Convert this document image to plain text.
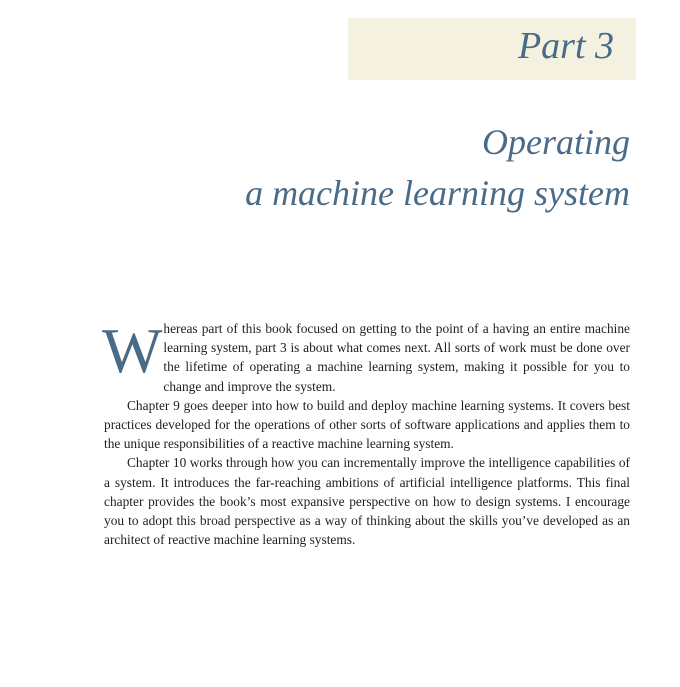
Part 3
Operating
a machine learning system

Whereas part of this book focused on getting to the point of a having an entire machine learning system, part 3 is about what comes next. All sorts of work must be done over the lifetime of operating a machine learning system, making it possible for you to change and improve the system.

Chapter 9 goes deeper into how to build and deploy machine learning systems. It covers best practices developed for the operations of other sorts of software applications and applies them to the unique responsibilities of a reactive machine learning system.

Chapter 10 works through how you can incrementally improve the intelligence capabilities of a system. It introduces the far-reaching ambitions of artificial intelligence platforms. This final chapter provides the book’s most expansive perspective on how to design systems. I encourage you to adopt this broad perspective as a way of thinking about the skills you’ve developed as an architect of reactive machine learning systems.
